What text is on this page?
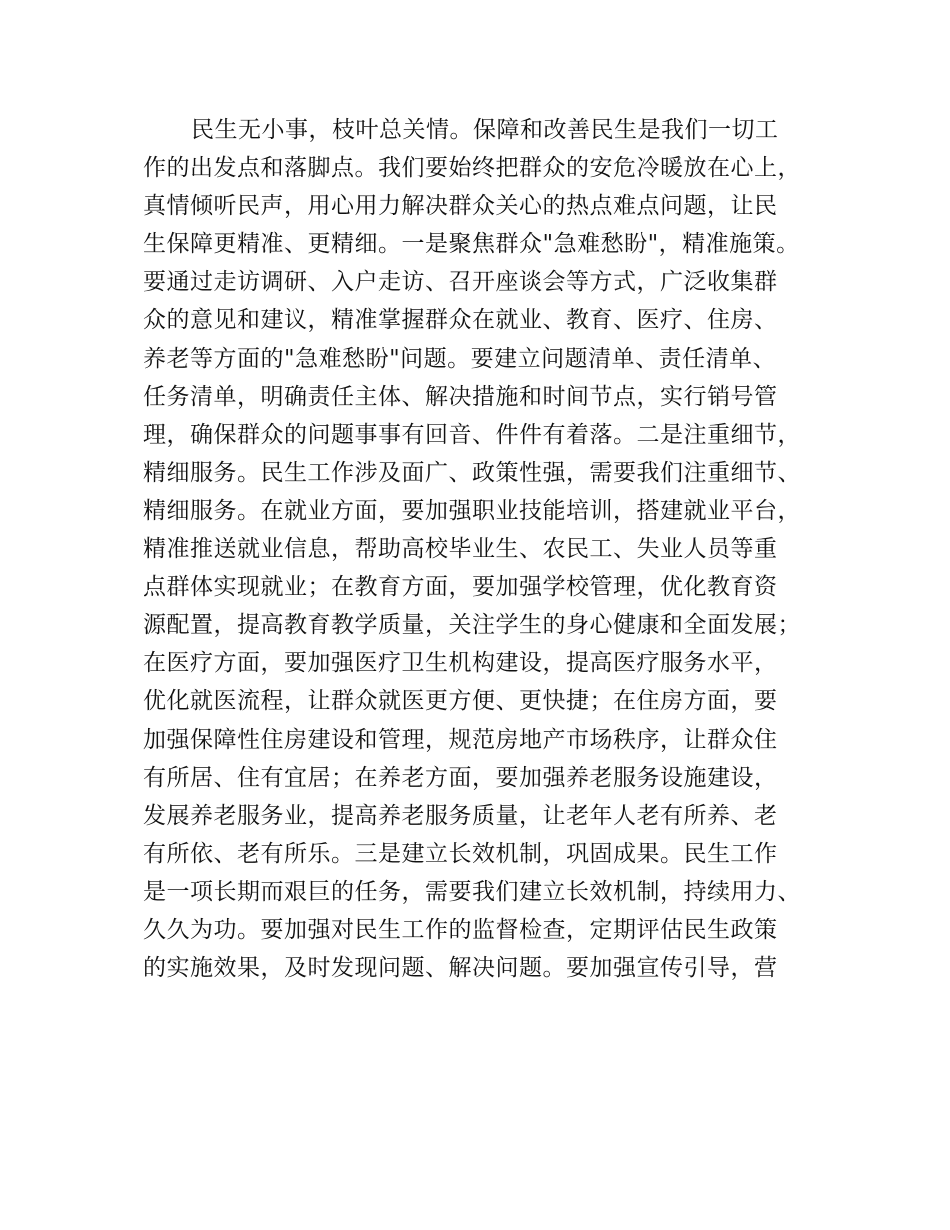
民生无小事，枝叶总关情。保障和改善民生是我们一切工
作的出发点和落脚点。我们要始终把群众的安危冷暖放在心上，
真情倾听民声，用心用力解决群众关心的热点难点问题，让民
生保障更精准、更精细。一是聚焦群众"急难愁盼"，精准施策。
要通过走访调研、入户走访、召开座谈会等方式，广泛收集群
众的意见和建议，精准掌握群众在就业、教育、医疗、住房、
养老等方面的"急难愁盼"问题。要建立问题清单、责任清单、
任务清单，明确责任主体、解决措施和时间节点，实行销号管
理，确保群众的问题事事有回音、件件有着落。二是注重细节，
精细服务。民生工作涉及面广、政策性强，需要我们注重细节、
精细服务。在就业方面，要加强职业技能培训，搭建就业平台，
精准推送就业信息，帮助高校毕业生、农民工、失业人员等重
点群体实现就业；在教育方面，要加强学校管理，优化教育资
源配置，提高教育教学质量，关注学生的身心健康和全面发展；
在医疗方面，要加强医疗卫生机构建设，提高医疗服务水平，
优化就医流程，让群众就医更方便、更快捷；在住房方面，要
加强保障性住房建设和管理，规范房地产市场秩序，让群众住
有所居、住有宜居；在养老方面，要加强养老服务设施建设，
发展养老服务业，提高养老服务质量，让老年人老有所养、老
有所依、老有所乐。三是建立长效机制，巩固成果。民生工作
是一项长期而艰巨的任务，需要我们建立长效机制，持续用力、
久久为功。要加强对民生工作的监督检查，定期评估民生政策
的实施效果，及时发现问题、解决问题。要加强宣传引导，营
